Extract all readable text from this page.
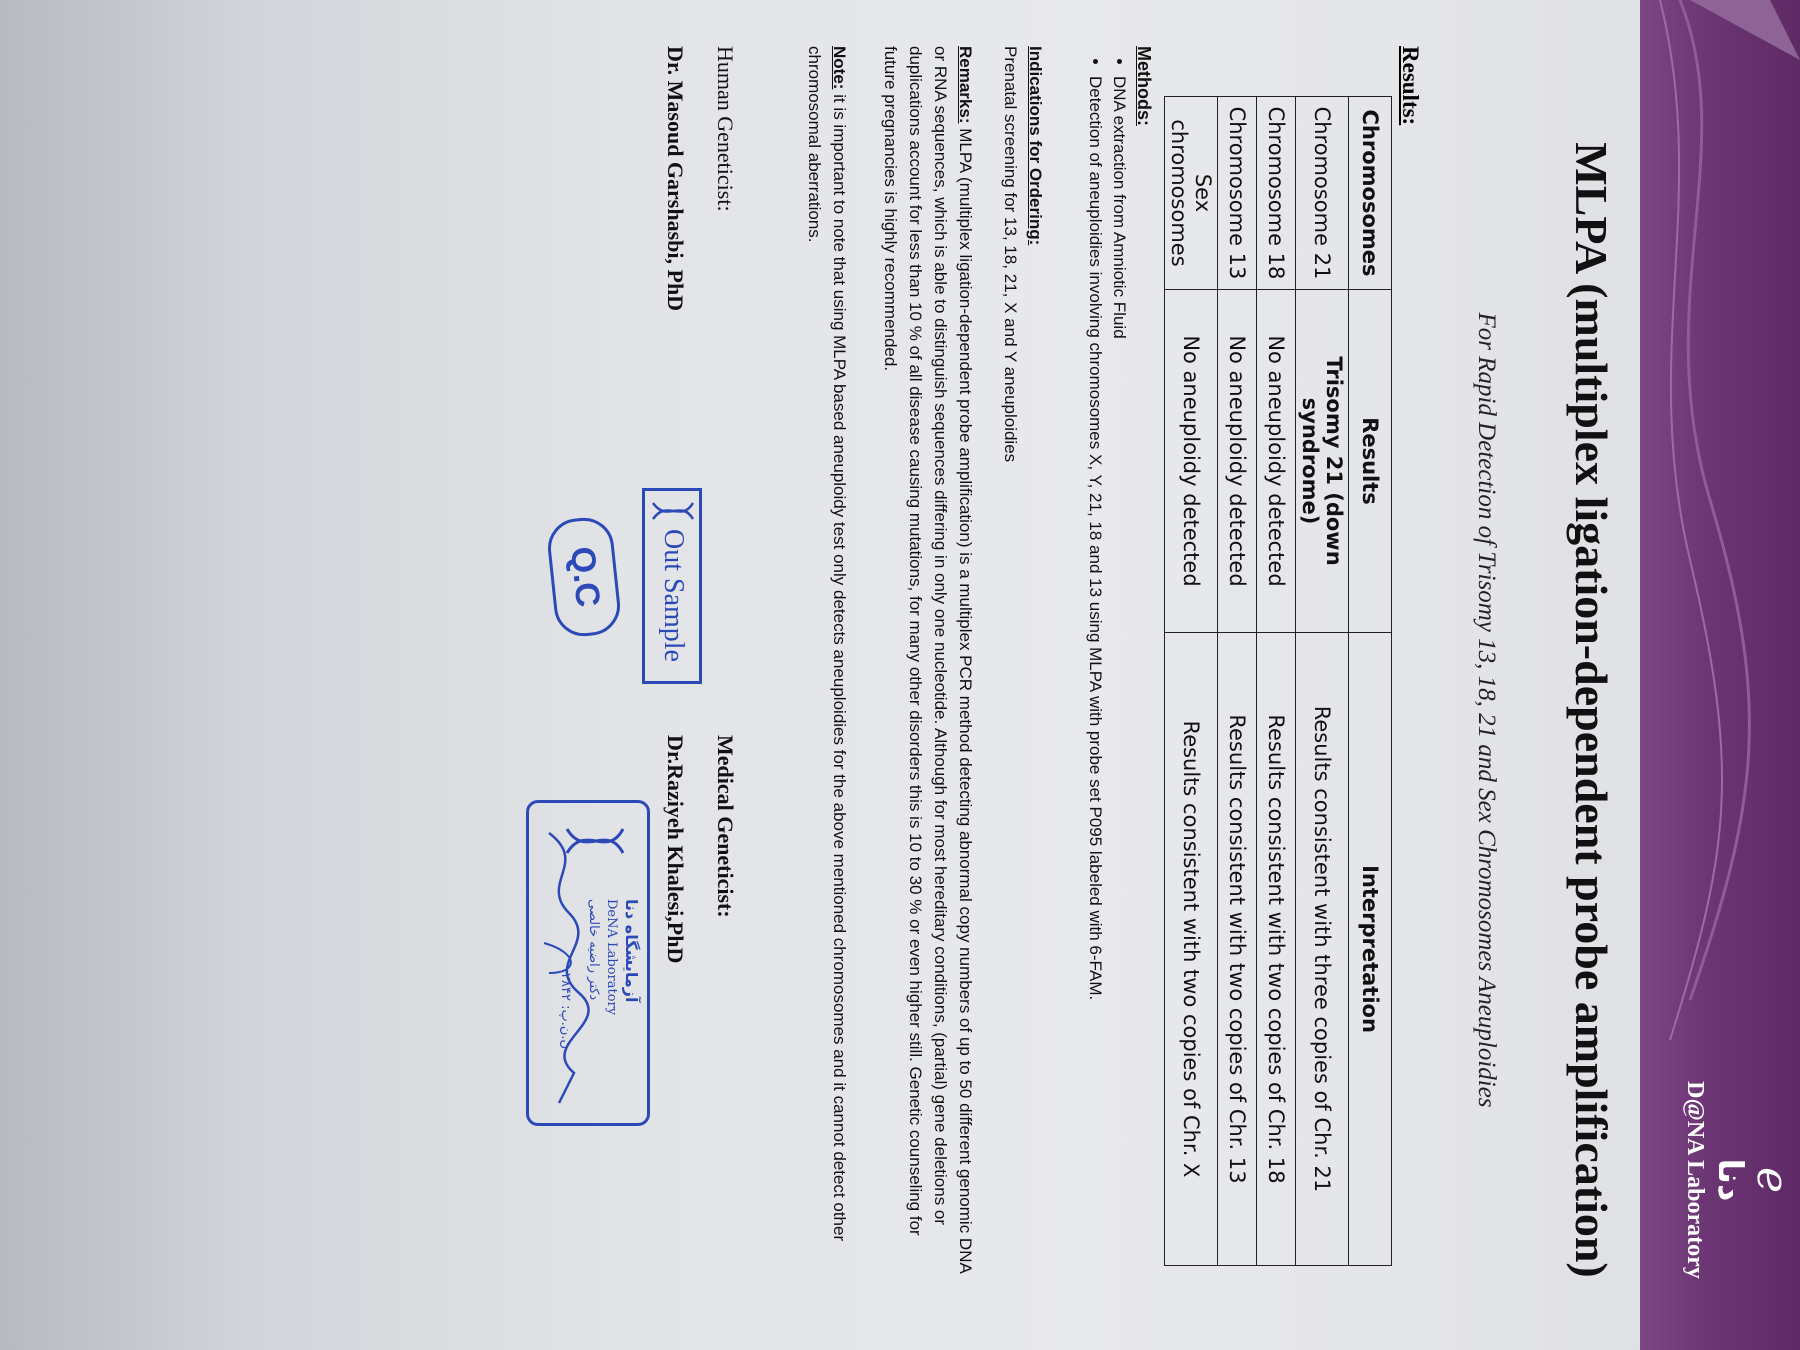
ℯ
دنا
D@NA Laboratory
MLPA (multiplex ligation-dependent probe amplification)

For Rapid Detection of Trisomy 13, 18, 21 and Sex Chromosomes Aneuploidies

Results:
Chromosomes	Results	Interpretation
Chromosome 21	Trisomy 21 (down syndrome)	Results consistent with three copies of Chr. 21
Chromosome 18	No aneuploidy detected	Results consistent with two copies of Chr. 18
Chromosome 13	No aneuploidy detected	Results consistent with two copies of Chr. 13
Sex chromosomes	No aneuploidy detected	Results consistent with two copies of Chr. X
Methods:
• DNA extraction from Amniotic Fluid
• Detection of aneuploidies involving chromosomes X, Y, 21, 18 and 13 using MLPA with probe set P095 labeled with 6-FAM.
Indications for Ordering:
Prenatal screening for 13, 18, 21, X and Y aneuploidies
Remarks: MLPA (multiplex ligation-dependent probe amplification) is a multiplex PCR method detecting abnormal copy numbers of up to 50 different genomic DNA or RNA sequences, which is able to distinguish sequences differing in only one nucleotide. Although for most hereditary conditions, (partial) gene deletions or duplications account for less than 10 % of all disease causing mutations, for many other disorders this is 10 to 30 % or even higher still. Genetic counseling for future pregnancies is highly recommended.
Note: it is important to note that using MLPA based aneuploidy test only detects aneuploidies for the above mentioned chromosomes and it cannot detect other chromosomal aberrations.
Human Geneticist:
Dr. Masoud Garshasbi, PhD
Medical Geneticist:
Dr.Raziyeh Khalesi,PhD
Out Sample
آزمایشگاه دنا
DeNA Laboratory
دکتر راضیه خالصی
ن.ن.پ: ۲۸۴۲
Q.C
